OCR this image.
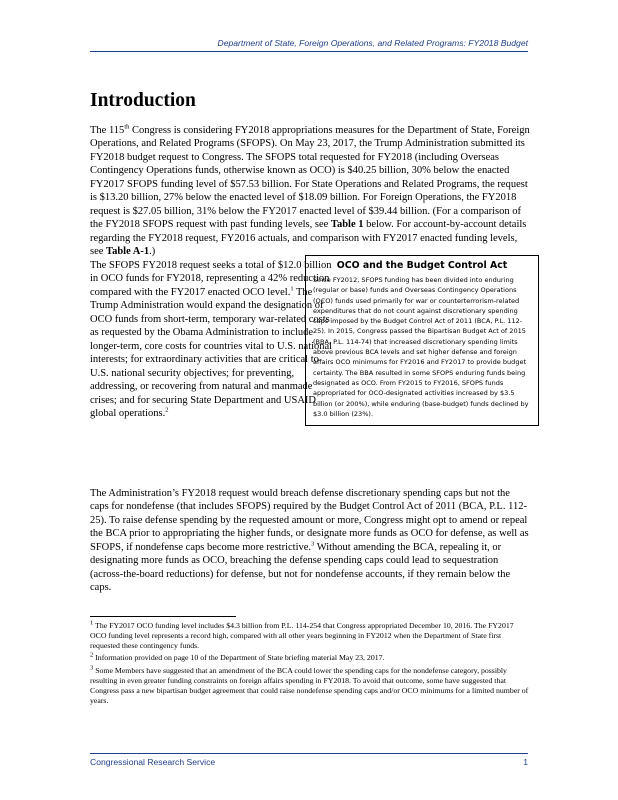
Department of State, Foreign Operations, and Related Programs: FY2018 Budget
Introduction

The 115th Congress is considering FY2018 appropriations measures for the Department of State, Foreign Operations, and Related Programs (SFOPS). On May 23, 2017, the Trump Administration submitted its FY2018 budget request to Congress. The SFOPS total requested for FY2018 (including Overseas Contingency Operations funds, otherwise known as OCO) is $40.25 billion, 30% below the enacted FY2017 SFOPS funding level of $57.53 billion. For State Operations and Related Programs, the request is $13.20 billion, 27% below the enacted level of $18.09 billion. For Foreign Operations, the FY2018 request is $27.05 billion, 31% below the FY2017 enacted level of $39.44 billion. (For a comparison of the FY2018 SFOPS request with past funding levels, see Table 1 below. For account-by-account details regarding the FY2018 request, FY2016 actuals, and comparison with FY2017 enacted funding levels, see Table A-1.)

The SFOPS FY2018 request seeks a total of $12.0 billion in OCO funds for FY2018, representing a 42% reduction compared with the FY2017 enacted OCO level.$^1$ The Trump Administration would expand the designation of OCO funds from short-term, temporary war-related costs as requested by the Obama Administration to include longer-term, core costs for countries vital to U.S. national interests; for extraordinary activities that are critical to U.S. national security objectives; for preventing, addressing, or recovering from natural and manmade crises; and for securing State Department and USAID global operations.$^2$

OCO and the Budget Control Act

Since FY2012, SFOPS funding has been divided into enduring (regular or base) funds and Overseas Contingency Operations (OCO) funds used primarily for war or counterterrorism-related expenditures that do not count against discretionary spending caps imposed by the Budget Control Act of 2011 (BCA, P.L. 112-25). In 2015, Congress passed the Bipartisan Budget Act of 2015 (BBA, P.L. 114-74) that increased discretionary spending limits above previous BCA levels and set higher defense and foreign affairs OCO minimums for FY2016 and FY2017 to provide budget certainty. The BBA resulted in some SFOPS enduring funds being designated as OCO. From FY2015 to FY2016, SFOPS funds appropriated for OCO-designated activities increased by $3.5 billion (or 200%), while enduring (base-budget) funds declined by $3.0 billion (23%).

The Administration’s FY2018 request would breach defense discretionary spending caps but not the caps for nondefense (that includes SFOPS) required by the Budget Control Act of 2011 (BCA, P.L. 112-25). To raise defense spending by the requested amount or more, Congress might opt to amend or repeal the BCA prior to appropriating the higher funds, or designate more funds as OCO for defense, as well as SFOPS, if nondefense caps become more restrictive.$^3$ Without amending the BCA, repealing it, or designating more funds as OCO, breaching the defense spending caps could lead to sequestration (across-the-board reductions) for defense, but not for nondefense accounts, if they remain below the caps.

$^1$ The FY2017 OCO funding level includes $4.3 billion from P.L. 114-254 that Congress appropriated December 10, 2016. The FY2017 OCO funding level represents a record high, compared with all other years beginning in FY2012 when the Department of State first requested these contingency funds.

$^2$ Information provided on page 10 of the Department of State briefing material May 23, 2017.

$^3$ Some Members have suggested that an amendment of the BCA could lower the spending caps for the nondefense category, possibly resulting in even greater funding constraints on foreign affairs spending in FY2018. To avoid that outcome, some have suggested that Congress pass a new bipartisan budget agreement that could raise nondefense spending caps and/or OCO minimums for a limited number of years.

Congressional Research Service	1
